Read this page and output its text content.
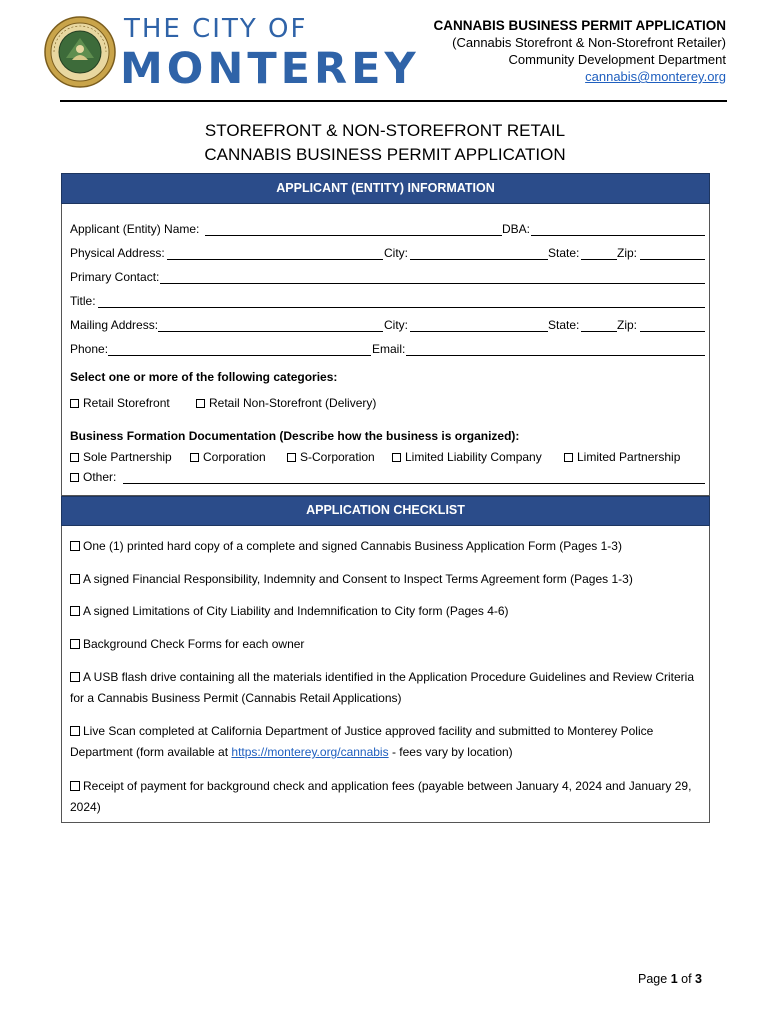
THE CITY OF
MONTEREY
CANNABIS BUSINESS PERMIT APPLICATION
(Cannabis Storefront & Non-Storefront Retailer)
Community Development Department
cannabis@monterey.org
STOREFRONT & NON-STOREFRONT RETAIL
CANNABIS BUSINESS PERMIT APPLICATION
APPLICANT (ENTITY) INFORMATION
Applicant (Entity) Name:	DBA:
Physical Address:	City:	State:	Zip:
Primary Contact:
Title:
Mailing Address:	City:	State:	Zip:
Phone:	Email:
Select one or more of the following categories:
Retail Storefront	Retail Non-Storefront (Delivery)
Business Formation Documentation (Describe how the business is organized):
Sole Partnership	Corporation	S-Corporation	Limited Liability Company	Limited Partnership
Other:
APPLICATION CHECKLIST
One (1) printed hard copy of a complete and signed Cannabis Business Application Form (Pages 1-3)
A signed Financial Responsibility, Indemnity and Consent to Inspect Terms Agreement form (Pages 1-3)
A signed Limitations of City Liability and Indemnification to City form (Pages 4-6)
Background Check Forms for each owner
A USB flash drive containing all the materials identified in the Application Procedure Guidelines and Review Criteria for a Cannabis Business Permit (Cannabis Retail Applications)
Live Scan completed at California Department of Justice approved facility and submitted to Monterey Police Department (form available at https://monterey.org/cannabis - fees vary by location)
Receipt of payment for background check and application fees (payable between January 4, 2024 and January 29, 2024)
Page 1 of 3
